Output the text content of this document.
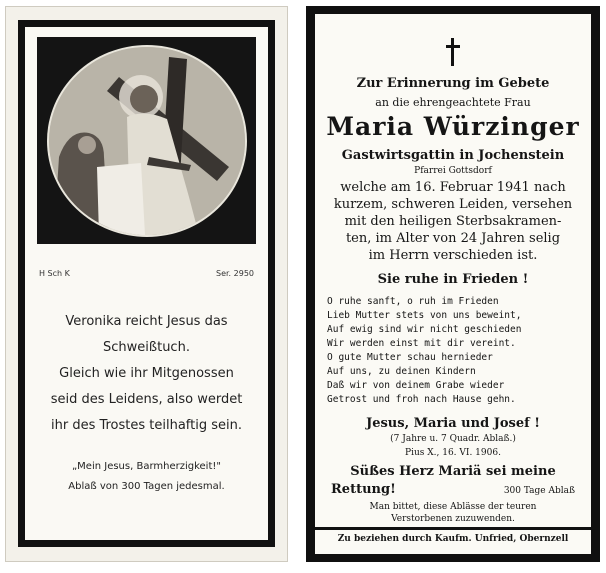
H Sch K	Ser. 2950
Veronika reicht Jesus das
Schweißtuch.
Gleich wie ihr Mitgenossen
seid des Leidens, also werdet
ihr des Trostes teilhaftig sein.
„Mein Jesus, Barmherzigkeit!"
Ablaß von 300 Tagen jedesmal.
Zur Erinnerung im Gebete
an die ehrengeachtete Frau
Maria Würzinger
Gastwirtsgattin in Jochenstein
Pfarrei Gottsdorf
welche am 16. Februar 1941 nach
kurzem, schweren Leiden, versehen
mit den heiligen Sterbsakramen-
ten, im Alter von 24 Jahren selig
im Herrn verschieden ist.
Sie ruhe in Frieden !
O ruhe sanft, o ruh im Frieden
Lieb Mutter stets von uns beweint,
Auf ewig sind wir nicht geschieden
Wir werden einst mit dir vereint.
O gute Mutter schau hernieder
Auf uns, zu deinen Kindern
Daß wir von deinem Grabe wieder
Getrost und froh nach Hause gehn.
Jesus, Maria und Josef !
(7 Jahre u. 7 Quadr. Ablaß.)
Pius X., 16. VI. 1906.
Süßes Herz Mariä sei meine
Rettung!	300 Tage Ablaß
Man bittet, diese Ablässe der teuren
Verstorbenen zuzuwenden.
Zu beziehen durch Kaufm. Unfried, Obernzell
